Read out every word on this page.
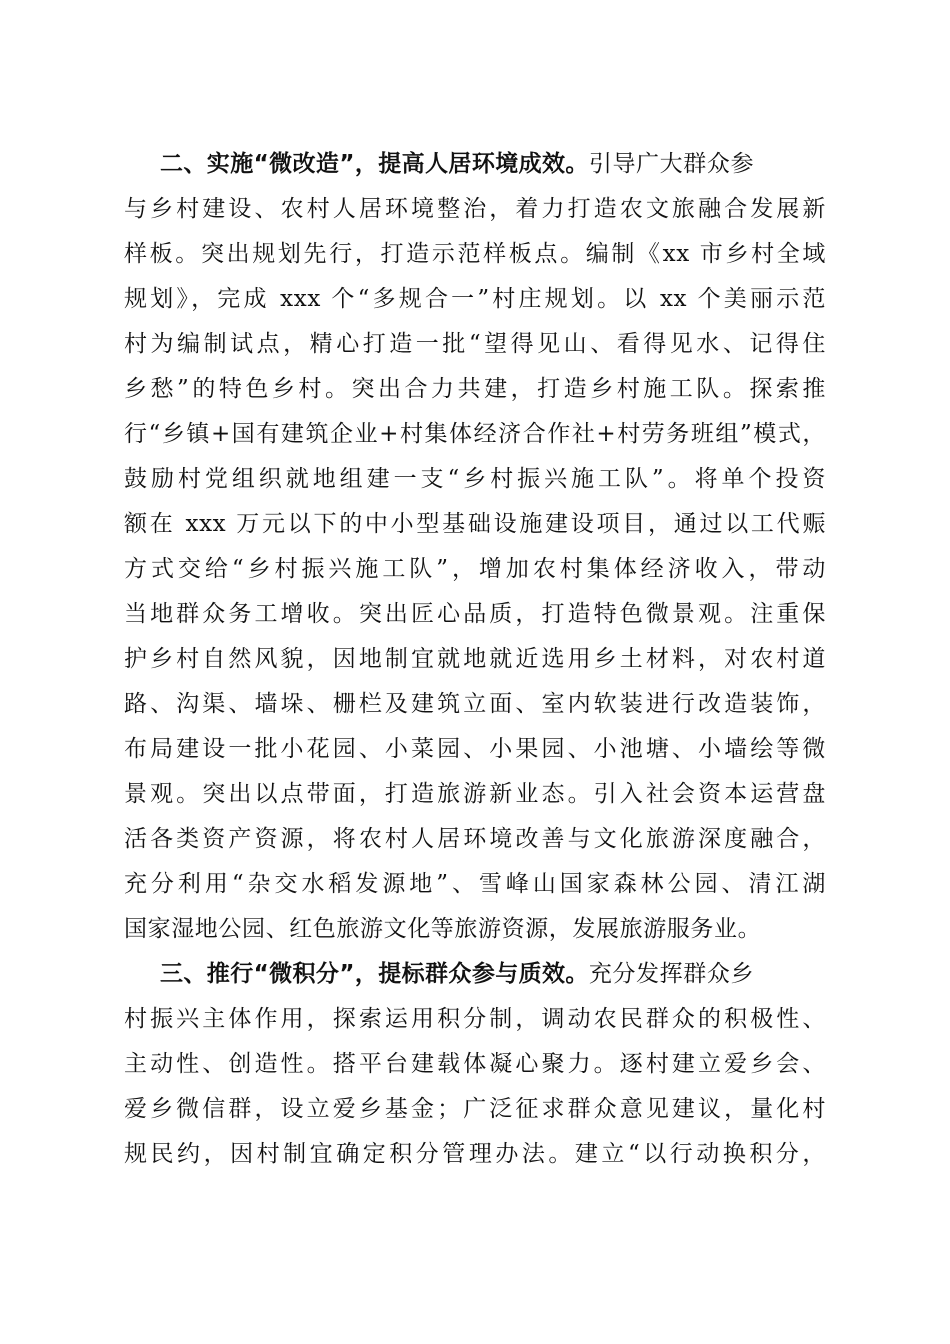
二、实施“微改造”，提高人居环境成效。引导广大群众参
与乡村建设、农村人居环境整治，着力打造农文旅融合发展新
样板。突出规划先行，打造示范样板点。编制《xx 市乡村全域
规划》，完成 xxx 个“多规合一”村庄规划。以 xx 个美丽示范
村为编制试点，精心打造一批“望得见山、看得见水、记得住
乡愁”的特色乡村。突出合力共建，打造乡村施工队。探索推
行“乡镇+国有建筑企业+村集体经济合作社+村劳务班组”模式，
鼓励村党组织就地组建一支“乡村振兴施工队”。将单个投资
额在 xxx 万元以下的中小型基础设施建设项目，通过以工代赈
方式交给“乡村振兴施工队”，增加农村集体经济收入，带动
当地群众务工增收。突出匠心品质，打造特色微景观。注重保
护乡村自然风貌，因地制宜就地就近选用乡土材料，对农村道
路、沟渠、墙垛、栅栏及建筑立面、室内软装进行改造装饰，
布局建设一批小花园、小菜园、小果园、小池塘、小墙绘等微
景观。突出以点带面，打造旅游新业态。引入社会资本运营盘
活各类资产资源，将农村人居环境改善与文化旅游深度融合，
充分利用“杂交水稻发源地”、雪峰山国家森林公园、清江湖
国家湿地公园、红色旅游文化等旅游资源，发展旅游服务业。
三、推行“微积分”，提标群众参与质效。充分发挥群众乡
村振兴主体作用，探索运用积分制，调动农民群众的积极性、
主动性、创造性。搭平台建载体凝心聚力。逐村建立爱乡会、
爱乡微信群，设立爱乡基金；广泛征求群众意见建议，量化村
规民约，因村制宜确定积分管理办法。建立“以行动换积分，
